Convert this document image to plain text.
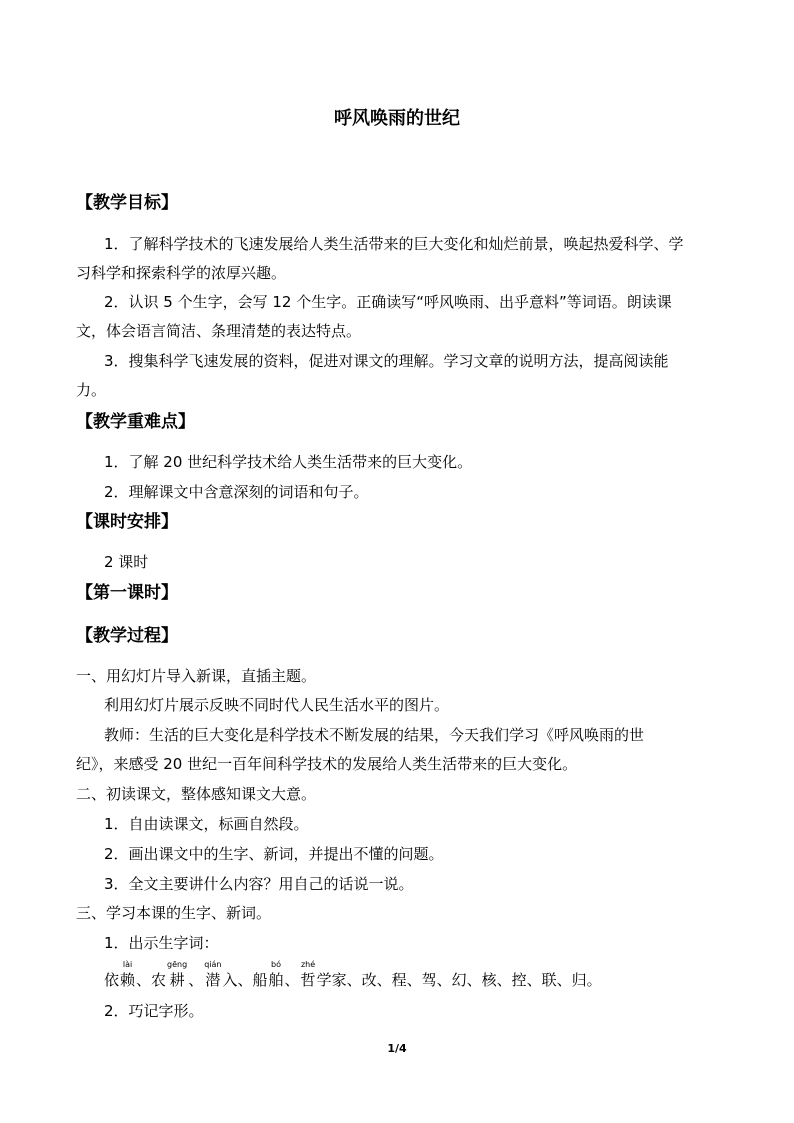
呼风唤雨的世纪
【教学目标】
1．了解科学技术的飞速发展给人类生活带来的巨大变化和灿烂前景，唤起热爱科学、学
习科学和探索科学的浓厚兴趣。
2．认识 5 个生字，会写 12 个生字。正确读写“呼风唤雨、出乎意料”等词语。朗读课
文，体会语言简洁、条理清楚的表达特点。
3．搜集科学飞速发展的资料，促进对课文的理解。学习文章的说明方法，提高阅读能
力。
【教学重难点】
1．了解 20 世纪科学技术给人类生活带来的巨大变化。
2．理解课文中含意深刻的词语和句子。
【课时安排】
2 课时
【第一课时】
【教学过程】
一、用幻灯片导入新课，直插主题。
利用幻灯片展示反映不同时代人民生活水平的图片。
教师：生活的巨大变化是科学技术不断发展的结果，今天我们学习《呼风唤雨的世
纪》，来感受 20 世纪一百年间科学技术的发展给人类生活带来的巨大变化。
二、初读课文，整体感知课文大意。
1．自由读课文，标画自然段。
2．画出课文中的生字、新词，并提出不懂的问题。
3．全文主要讲什么内容？用自己的话说一说。
三、学习本课的生字、新词。
1．出示生字词：
依
lài
赖 、农
gēng
耕 、
qián
潜 入、船
bó
舶 、
zhé
哲 学家、改、程、驾、幻、核、控、联、归。
2．巧记字形。
1/4
